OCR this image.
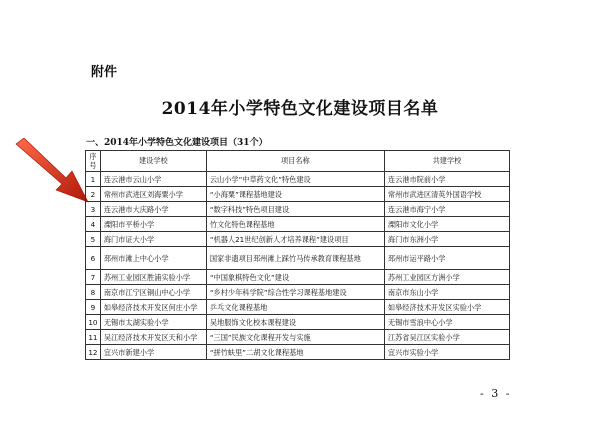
附件
2014年小学特色文化建设项目名单
一、2014年小学特色文化建设项目（31个）
序
号	建设学校	项目名称	共建学校
1	连云港市云山小学	云山小学“中草药文化”特色建设	连云港市院前小学
2	常州市武进区刘海粟小学	“小海粟”课程基地建设	常州市武进区清英外国语学校
3	连云港市大庆路小学	“数字科技”特色项目建设	连云港市海宁小学
4	溧阳市平桥小学	竹文化特色课程基地	溧阳市文化小学
5	海门市证大小学	“机器人21世纪创新人才培养课程”建设项目	海门市东洲小学
6	邳州市滩上中心小学	国家非遗项目邳州滩上踩竹马传承教育课程基地	邳州市运平路小学
7	苏州工业园区胜浦实验小学	“中国象棋特色文化”建设	苏州工业园区方洲小学
8	南京市江宁区铜山中心小学	“乡村少年科学院”综合性学习课程基地建设	南京市东山小学
9	如皋经济技术开发区何庄小学	乒乓文化课程基地	如皋经济技术开发区实验小学
10	无锡市太湖实验小学	吴地服饰文化校本课程建设	无锡市雪浪中心小学
11	吴江经济技术开发区天和小学	“三国”民族文化课程开发与实施	江苏省吴江区实验小学
12	宜兴市新建小学	“拼竹蚨里”二胡文化课程基地	宜兴市实验小学
- 3 -
